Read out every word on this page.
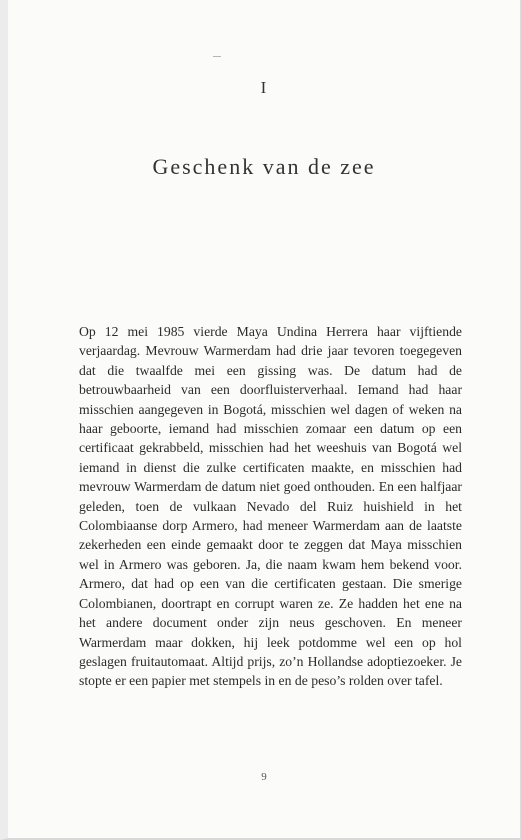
I
Geschenk van de zee

Op 12 mei 1985 vierde Maya Undina Herrera haar vijftiende verjaardag. Mevrouw Warmerdam had drie jaar tevoren toegegeven dat die twaalfde mei een gissing was. De datum had de betrouwbaarheid van een doorfluisterverhaal. Iemand had haar misschien aangegeven in Bogotá, misschien wel dagen of weken na haar geboorte, iemand had misschien zomaar een datum op een certificaat gekrabbeld, misschien had het weeshuis van Bogotá wel iemand in dienst die zulke certificaten maakte, en misschien had mevrouw Warmerdam de datum niet goed onthouden. En een halfjaar geleden, toen de vulkaan Nevado del Ruiz huishield in het Colombiaanse dorp Armero, had meneer Warmerdam aan de laatste zekerheden een einde gemaakt door te zeggen dat Maya misschien wel in Armero was geboren. Ja, die naam kwam hem bekend voor. Armero, dat had op een van die certificaten gestaan. Die smerige Colombianen, doortrapt en corrupt waren ze. Ze hadden het ene na het andere document onder zijn neus geschoven. En meneer Warmerdam maar dokken, hij leek potdomme wel een op hol geslagen fruitautomaat. Altijd prijs, zo’n Hollandse adoptiezoeker. Je stopte er een papier met stempels in en de peso’s rolden over tafel.

9
